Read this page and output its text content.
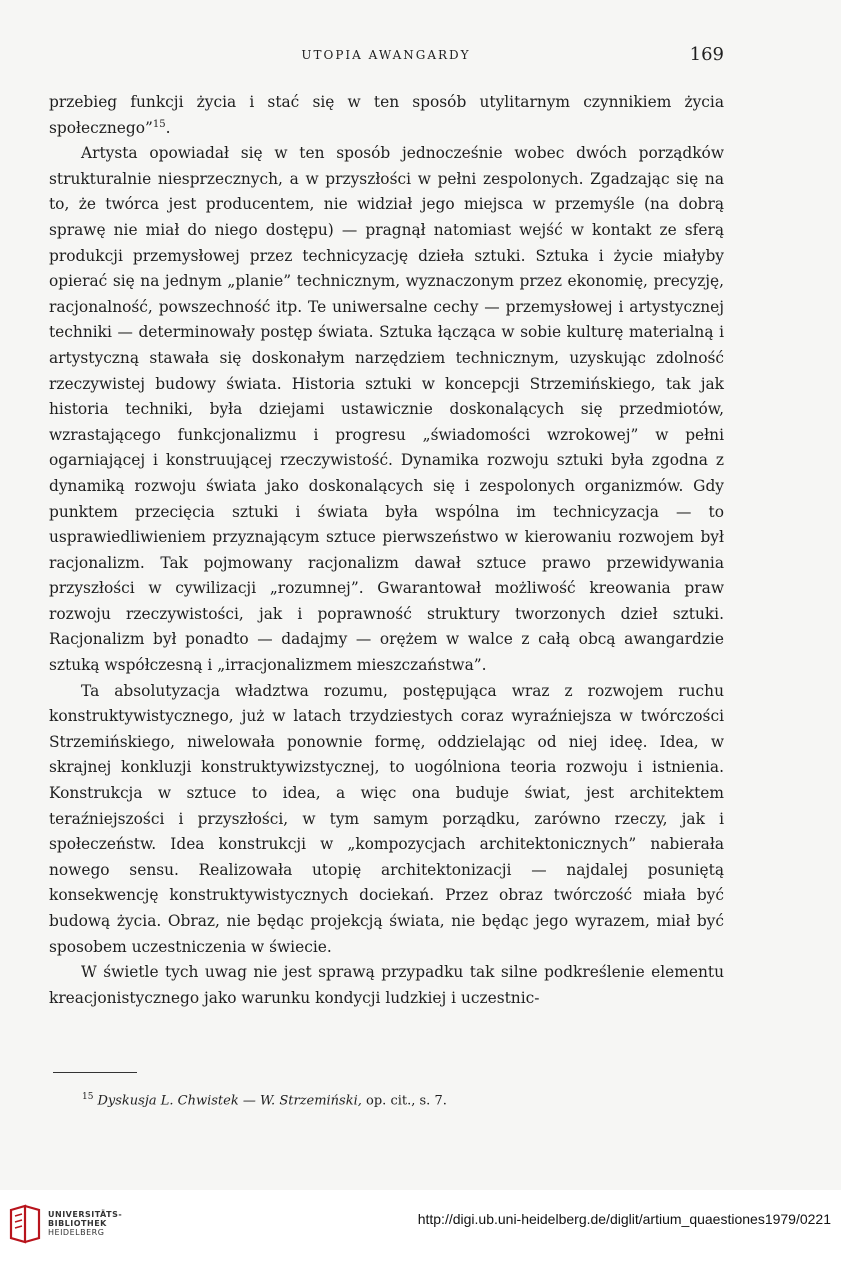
UTOPIA AWANGARDY	169

przebieg funkcji życia i stać się w ten sposób utylitarnym czynnikiem życia społecznego”$^{15}$.

Artysta opowiadał się w ten sposób jednocześnie wobec dwóch porządków strukturalnie niesprzecznych, a w przyszłości w pełni zespolonych. Zgadzając się na to, że twórca jest producentem, nie widział jego miejsca w przemyśle (na dobrą sprawę nie miał do niego dostępu) — pragnął natomiast wejść w kontakt ze sferą produkcji przemysłowej przez technicyzację dzieła sztuki. Sztuka i życie miałyby opierać się na jednym „planie” technicznym, wyznaczonym przez ekonomię, precyzję, racjonalność, powszechność itp. Te uniwersalne cechy — przemysłowej i artystycznej techniki — determinowały postęp świata. Sztuka łącząca w sobie kulturę materialną i artystyczną stawała się doskonałym narzędziem technicznym, uzyskując zdolność rzeczywistej budowy świata. Historia sztuki w koncepcji Strzemińskiego, tak jak historia techniki, była dziejami ustawicznie doskonalących się przedmiotów, wzrastającego funkcjonalizmu i progresu „świadomości wzrokowej” w pełni ogarniającej i konstruującej rzeczywistość. Dynamika rozwoju sztuki była zgodna z dynamiką rozwoju świata jako doskonalących się i zespolonych organizmów. Gdy punktem przecięcia sztuki i świata była wspólna im technicyzacja — to usprawiedliwieniem przyznającym sztuce pierwszeństwo w kierowaniu rozwojem był racjonalizm. Tak pojmowany racjonalizm dawał sztuce prawo przewidywania przyszłości w cywilizacji „rozumnej”. Gwarantował możliwość kreowania praw rozwoju rzeczywistości, jak i poprawność struktury tworzonych dzieł sztuki. Racjonalizm był ponadto — dadajmy — orężem w walce z całą obcą awangardzie sztuką współczesną i „irracjonalizmem mieszczaństwa”.

Ta absolutyzacja władztwa rozumu, postępująca wraz z rozwojem ruchu konstruktywistycznego, już w latach trzydziestych coraz wyraźniejsza w twórczości Strzemińskiego, niwelowała ponownie formę, oddzielając od niej ideę. Idea, w skrajnej konkluzji konstruktywizstycznej, to uogólniona teoria rozwoju i istnienia. Konstrukcja w sztuce to idea, a więc ona buduje świat, jest architektem teraźniejszości i przyszłości, w tym samym porządku, zarówno rzeczy, jak i społeczeństw. Idea konstrukcji w „kompozycjach architektonicznych” nabierała nowego sensu. Realizowała utopię architektonizacji — najdalej posuniętą konsekwencję konstruktywistycznych dociekań. Przez obraz twórczość miała być budową życia. Obraz, nie będąc projekcją świata, nie będąc jego wyrazem, miał być sposobem uczestniczenia w świecie.

W świetle tych uwag nie jest sprawą przypadku tak silne podkreślenie elementu kreacjonistycznego jako warunku kondycji ludzkiej i uczestnic-

$^{15}$ Dyskusja L. Chwistek — W. Strzemiński, op. cit., s. 7.
UNIVERSITÄTS-
BIBLIOTHEK
HEIDELBERG
http://digi.ub.uni-heidelberg.de/diglit/artium_quaestiones1979/0221
